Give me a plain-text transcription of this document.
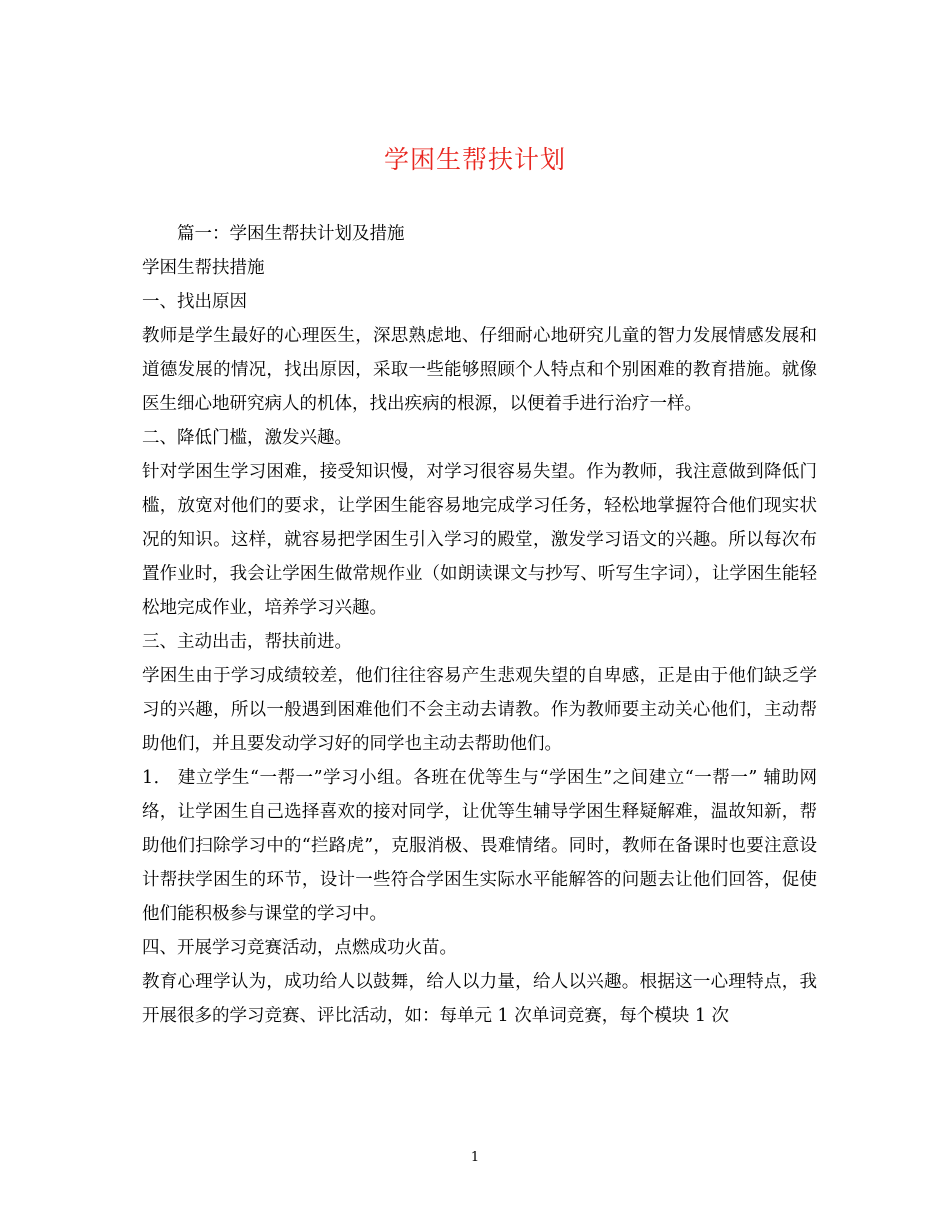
学困生帮扶计划

篇一：学困生帮扶计划及措施

学困生帮扶措施

一、找出原因

教师是学生最好的心理医生，深思熟虑地、仔细耐心地研究儿童的智力发展情感发展和道德发展的情况，找出原因，采取一些能够照顾个人特点和个别困难的教育措施。就像医生细心地研究病人的机体，找出疾病的根源，以便着手进行治疗一样。

二、降低门槛，激发兴趣。

针对学困生学习困难，接受知识慢，对学习很容易失望。作为教师，我注意做到降低门槛，放宽对他们的要求，让学困生能容易地完成学习任务，轻松地掌握符合他们现实状况的知识。这样，就容易把学困生引入学习的殿堂，激发学习语文的兴趣。所以每次布置作业时，我会让学困生做常规作业（如朗读课文与抄写、听写生字词），让学困生能轻松地完成作业，培养学习兴趣。

三、主动出击，帮扶前进。

学困生由于学习成绩较差，他们往往容易产生悲观失望的自卑感，正是由于他们缺乏学习的兴趣，所以一般遇到困难他们不会主动去请教。作为教师要主动关心他们，主动帮助他们，并且要发动学习好的同学也主动去帮助他们。

1． 建立学生“一帮一”学习小组。各班在优等生与“学困生”之间建立“一帮一” 辅助网络，让学困生自己选择喜欢的接对同学，让优等生辅导学困生释疑解难，温故知新，帮助他们扫除学习中的“拦路虎”，克服消极、畏难情绪。同时，教师在备课时也要注意设计帮扶学困生的环节，设计一些符合学困生实际水平能解答的问题去让他们回答，促使他们能积极参与课堂的学习中。

四、开展学习竞赛活动，点燃成功火苗。

教育心理学认为，成功给人以鼓舞，给人以力量，给人以兴趣。根据这一心理特点，我开展很多的学习竞赛、评比活动，如：每单元 1 次单词竞赛，每个模块 1 次

1
